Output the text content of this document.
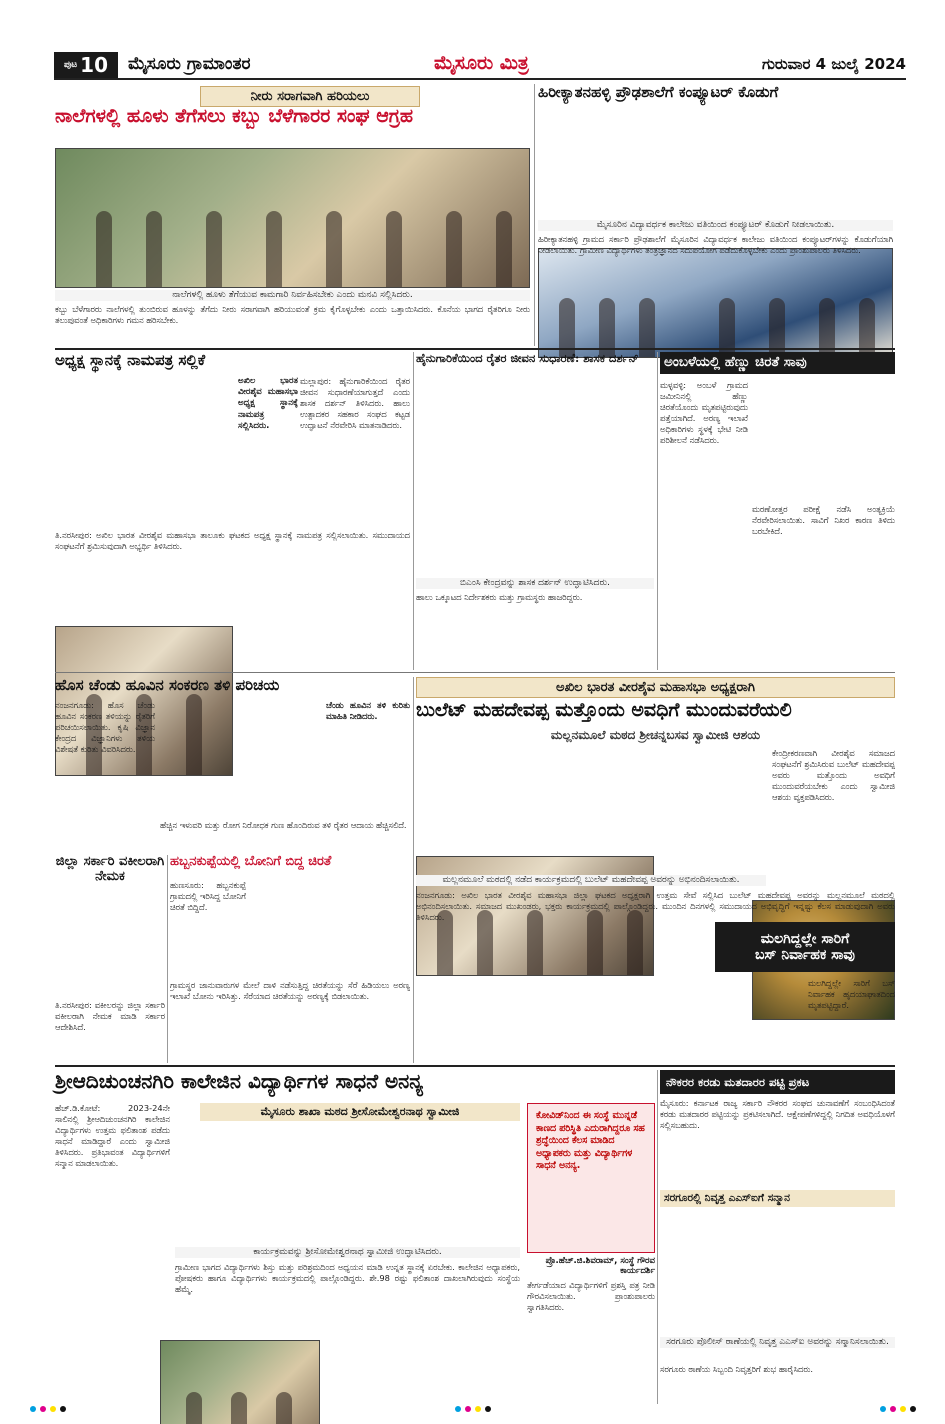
ಪುಟ 10 ಮೈಸೂರು ಗ್ರಾಮಾಂತರ	ಮೈಸೂರು ಮಿತ್ರ	ಗುರುವಾರ 4 ಜುಲೈ 2024
ನೀರು ಸರಾಗವಾಗಿ ಹರಿಯಲು
ನಾಲೆಗಳಲ್ಲಿ ಹೂಳು ತೆಗೆಸಲು ಕಬ್ಬು ಬೆಳೆಗಾರರ ಸಂಘ ಆಗ್ರಹ
ನಾಲೆಗಳಲ್ಲಿ ಹೂಳು ತೆಗೆಯುವ ಕಾಮಗಾರಿ ನಿರ್ವಹಿಸಬೇಕು ಎಂದು ಮನವಿ ಸಲ್ಲಿಸಿದರು.
ಕಬ್ಬು ಬೆಳೆಗಾರರು ನಾಲೆಗಳಲ್ಲಿ ತುಂಬಿರುವ ಹೂಳನ್ನು ತೆಗೆದು ನೀರು ಸರಾಗವಾಗಿ ಹರಿಯುವಂತೆ ಕ್ರಮ ಕೈಗೊಳ್ಳಬೇಕು ಎಂದು ಒತ್ತಾಯಿಸಿದರು. ಕೊನೆಯ ಭಾಗದ ರೈತರಿಗೂ ನೀರು ತಲುಪುವಂತೆ ಅಧಿಕಾರಿಗಳು ಗಮನ ಹರಿಸಬೇಕು.
ಹಿರೀಕ್ಯಾತನಹಳ್ಳಿ ಪ್ರೌಢಶಾಲೆಗೆ ಕಂಪ್ಯೂಟರ್ ಕೊಡುಗೆ
ಮೈಸೂರಿನ ವಿದ್ಯಾವರ್ಧಕ ಕಾಲೇಜು ವತಿಯಿಂದ ಕಂಪ್ಯೂಟರ್ ಕೊಡುಗೆ ನೀಡಲಾಯಿತು.
ಹಿರೀಕ್ಯಾತನಹಳ್ಳಿ ಗ್ರಾಮದ ಸರ್ಕಾರಿ ಪ್ರೌಢಶಾಲೆಗೆ ಮೈಸೂರಿನ ವಿದ್ಯಾವರ್ಧಕ ಕಾಲೇಜು ವತಿಯಿಂದ ಕಂಪ್ಯೂಟರ್‌ಗಳನ್ನು ಕೊಡುಗೆಯಾಗಿ ನೀಡಲಾಯಿತು. ಗ್ರಾಮೀಣ ವಿದ್ಯಾರ್ಥಿಗಳು ತಂತ್ರಜ್ಞಾನದ ಸದುಪಯೋಗ ಪಡೆದುಕೊಳ್ಳಬೇಕು ಎಂದು ಪ್ರಾಂಶುಪಾಲರು ತಿಳಿಸಿದರು.
ಅಧ್ಯಕ್ಷ ಸ್ಥಾನಕ್ಕೆ ನಾಮಪತ್ರ ಸಲ್ಲಿಕೆ
ಅಖಿಲ ಭಾರತ ವೀರಶೈವ ಮಹಾಸಭಾ ಅಧ್ಯಕ್ಷ ಸ್ಥಾನಕ್ಕೆ ನಾಮಪತ್ರ ಸಲ್ಲಿಸಿದರು.
ತಿ.ನರಸೀಪುರ: ಅಖಿಲ ಭಾರತ ವೀರಶೈವ ಮಹಾಸಭಾ ತಾಲೂಕು ಘಟಕದ ಅಧ್ಯಕ್ಷ ಸ್ಥಾನಕ್ಕೆ ನಾಮಪತ್ರ ಸಲ್ಲಿಸಲಾಯಿತು. ಸಮುದಾಯದ ಸಂಘಟನೆಗೆ ಶ್ರಮಿಸುವುದಾಗಿ ಅಭ್ಯರ್ಥಿ ತಿಳಿಸಿದರು.
ಹೈನುಗಾರಿಕೆಯಿಂದ ರೈತರ ಜೀವನ ಸುಧಾರಣೆ: ಶಾಸಕ ದರ್ಶನ್
ಬಿಎಂಸಿ ಕೇಂದ್ರವನ್ನು ಶಾಸಕ ದರ್ಶನ್ ಉದ್ಘಾಟಿಸಿದರು.
ಮಲ್ಲಾಪುರ: ಹೈನುಗಾರಿಕೆಯಿಂದ ರೈತರ ಜೀವನ ಸುಧಾರಣೆಯಾಗುತ್ತದೆ ಎಂದು ಶಾಸಕ ದರ್ಶನ್ ತಿಳಿಸಿದರು. ಹಾಲು ಉತ್ಪಾದಕರ ಸಹಕಾರ ಸಂಘದ ಕಟ್ಟಡ ಉದ್ಘಾಟನೆ ನೆರವೇರಿಸಿ ಮಾತನಾಡಿದರು.
ಹಾಲು ಒಕ್ಕೂಟದ ನಿರ್ದೇಶಕರು ಮತ್ತು ಗ್ರಾಮಸ್ಥರು ಹಾಜರಿದ್ದರು.
ಅಂಬಳೆಯಲ್ಲಿ ಹೆಣ್ಣು ಚಿರತೆ ಸಾವು
ಮಳ್ಳವಳ್ಳಿ: ಅಂಬಳೆ ಗ್ರಾಮದ ಜಮೀನಿನಲ್ಲಿ ಹೆಣ್ಣು ಚಿರತೆಯೊಂದು ಮೃತಪಟ್ಟಿರುವುದು ಪತ್ತೆಯಾಗಿದೆ. ಅರಣ್ಯ ಇಲಾಖೆ ಅಧಿಕಾರಿಗಳು ಸ್ಥಳಕ್ಕೆ ಭೇಟಿ ನೀಡಿ ಪರಿಶೀಲನೆ ನಡೆಸಿದರು.
ಮರಣೋತ್ತರ ಪರೀಕ್ಷೆ ನಡೆಸಿ ಅಂತ್ಯಕ್ರಿಯೆ ನೆರವೇರಿಸಲಾಯಿತು. ಸಾವಿಗೆ ನಿಖರ ಕಾರಣ ತಿಳಿದು ಬರಬೇಕಿದೆ.
ಹೊಸ ಚೆಂಡು ಹೂವಿನ ಸಂಕರಣ ತಳಿ ಪರಿಚಯ
ಚೆಂಡು ಹೂವಿನ ತಳಿ ಕುರಿತು ಮಾಹಿತಿ ನೀಡಿದರು.
ನಂಜನಗೂಡು: ಹೊಸ ಚೆಂಡು ಹೂವಿನ ಸಂಕರಣ ತಳಿಯನ್ನು ರೈತರಿಗೆ ಪರಿಚಯಿಸಲಾಯಿತು. ಕೃಷಿ ವಿಜ್ಞಾನ ಕೇಂದ್ರದ ವಿಜ್ಞಾನಿಗಳು ತಳಿಯ ವಿಶೇಷತೆ ಕುರಿತು ವಿವರಿಸಿದರು.
ಹೆಚ್ಚಿನ ಇಳುವರಿ ಮತ್ತು ರೋಗ ನಿರೋಧಕ ಗುಣ ಹೊಂದಿರುವ ತಳಿ ರೈತರ ಆದಾಯ ಹೆಚ್ಚಿಸಲಿದೆ.
ಅಖಿಲ ಭಾರತ ವೀರಶೈವ ಮಹಾಸಭಾ ಅಧ್ಯಕ್ಷರಾಗಿ
ಬುಲೆಟ್ ಮಹದೇವಪ್ಪ ಮತ್ತೊಂದು ಅವಧಿಗೆ ಮುಂದುವರೆಯಲಿ
ಮಲ್ಲನಮೂಲೆ ಮಠದ ಶ್ರೀಚನ್ನಬಸವ ಸ್ವಾಮೀಜಿ ಆಶಯ
ಮಲ್ಲನಮೂಲೆ ಮಠದಲ್ಲಿ ನಡೆದ ಕಾರ್ಯಕ್ರಮದಲ್ಲಿ ಬುಲೆಟ್ ಮಹದೇವಪ್ಪ ಅವರನ್ನು ಅಭಿನಂದಿಸಲಾಯಿತು.
ಕೇಂದ್ರೀಕರಣವಾಗಿ ವೀರಶೈವ ಸಮಾಜದ ಸಂಘಟನೆಗೆ ಶ್ರಮಿಸಿರುವ ಬುಲೆಟ್ ಮಹದೇವಪ್ಪ ಅವರು ಮತ್ತೊಂದು ಅವಧಿಗೆ ಮುಂದುವರೆಯಬೇಕು ಎಂದು ಸ್ವಾಮೀಜಿ ಆಶಯ ವ್ಯಕ್ತಪಡಿಸಿದರು.
ನಂಜನಗೂಡು: ಅಖಿಲ ಭಾರತ ವೀರಶೈವ ಮಹಾಸಭಾ ಜಿಲ್ಲಾ ಘಟಕದ ಅಧ್ಯಕ್ಷರಾಗಿ ಉತ್ತಮ ಸೇವೆ ಸಲ್ಲಿಸಿದ ಬುಲೆಟ್ ಮಹದೇವಪ್ಪ ಅವರನ್ನು ಮಲ್ಲನಮೂಲೆ ಮಠದಲ್ಲಿ ಅಭಿನಂದಿಸಲಾಯಿತು. ಸಮಾಜದ ಮುಖಂಡರು, ಭಕ್ತರು ಕಾರ್ಯಕ್ರಮದಲ್ಲಿ ಪಾಲ್ಗೊಂಡಿದ್ದರು. ಮುಂದಿನ ದಿನಗಳಲ್ಲಿ ಸಮುದಾಯದ ಅಭಿವೃದ್ಧಿಗೆ ಇನ್ನಷ್ಟು ಕೆಲಸ ಮಾಡುವುದಾಗಿ ಅವರು ತಿಳಿಸಿದರು.
ಜಿಲ್ಲಾ ಸರ್ಕಾರಿ ವಕೀಲರಾಗಿ ನೇಮಕ
ತಿ.ನರಸೀಪುರ: ವಕೀಲರನ್ನು ಜಿಲ್ಲಾ ಸರ್ಕಾರಿ ವಕೀಲರಾಗಿ ನೇಮಕ ಮಾಡಿ ಸರ್ಕಾರ ಆದೇಶಿಸಿದೆ.
ಹಬ್ಬನಕುಪ್ಪೆಯಲ್ಲಿ ಬೋನಿಗೆ ಬಿದ್ದ ಚಿರತೆ
ಹುಣಸೂರು: ಹಬ್ಬನಕುಪ್ಪೆ ಗ್ರಾಮದಲ್ಲಿ ಇರಿಸಿದ್ದ ಬೋನಿಗೆ ಚಿರತೆ ಬಿದ್ದಿದೆ.
ಗ್ರಾಮಸ್ಥರ ಜಾನುವಾರುಗಳ ಮೇಲೆ ದಾಳಿ ನಡೆಸುತ್ತಿದ್ದ ಚಿರತೆಯನ್ನು ಸೆರೆ ಹಿಡಿಯಲು ಅರಣ್ಯ ಇಲಾಖೆ ಬೋನು ಇರಿಸಿತ್ತು. ಸೆರೆಯಾದ ಚಿರತೆಯನ್ನು ಅರಣ್ಯಕ್ಕೆ ಬಿಡಲಾಯಿತು.
ಮಲಗಿದ್ದಲ್ಲೇ ಸಾರಿಗೆ
ಬಸ್ ನಿರ್ವಾಹಕ ಸಾವು
ಮಲಗಿದ್ದಲ್ಲೇ ಸಾರಿಗೆ ಬಸ್ ನಿರ್ವಾಹಕ ಹೃದಯಾಘಾತದಿಂದ ಮೃತಪಟ್ಟಿದ್ದಾರೆ.
ಶ್ರೀಆದಿಚುಂಚನಗಿರಿ ಕಾಲೇಜಿನ ವಿದ್ಯಾರ್ಥಿಗಳ ಸಾಧನೆ ಅನನ್ಯ
ಮೈಸೂರು ಶಾಖಾ ಮಠದ ಶ್ರೀಸೋಮೇಶ್ವರನಾಥ ಸ್ವಾಮೀಜಿ
ಕಾರ್ಯಕ್ರಮವನ್ನು ಶ್ರೀಸೋಮೇಶ್ವರನಾಥ ಸ್ವಾಮೀಜಿ ಉದ್ಘಾಟಿಸಿದರು.
ಹೆಚ್.ಡಿ.ಕೋಟೆ: 2023-24ನೇ ಸಾಲಿನಲ್ಲಿ ಶ್ರೀಆದಿಚುಂಚನಗಿರಿ ಕಾಲೇಜಿನ ವಿದ್ಯಾರ್ಥಿಗಳು ಉತ್ತಮ ಫಲಿತಾಂಶ ಪಡೆದು ಸಾಧನೆ ಮಾಡಿದ್ದಾರೆ ಎಂದು ಸ್ವಾಮೀಜಿ ತಿಳಿಸಿದರು. ಪ್ರತಿಭಾವಂತ ವಿದ್ಯಾರ್ಥಿಗಳಿಗೆ ಸನ್ಮಾನ ಮಾಡಲಾಯಿತು.
ಗ್ರಾಮೀಣ ಭಾಗದ ವಿದ್ಯಾರ್ಥಿಗಳು ಶಿಸ್ತು ಮತ್ತು ಪರಿಶ್ರಮದಿಂದ ಅಧ್ಯಯನ ಮಾಡಿ ಉನ್ನತ ಸ್ಥಾನಕ್ಕೆ ಏರಬೇಕು. ಕಾಲೇಜಿನ ಅಧ್ಯಾಪಕರು, ಪೋಷಕರು ಹಾಗೂ ವಿದ್ಯಾರ್ಥಿಗಳು ಕಾರ್ಯಕ್ರಮದಲ್ಲಿ ಪಾಲ್ಗೊಂಡಿದ್ದರು. ಶೇ.98 ರಷ್ಟು ಫಲಿತಾಂಶ ದಾಖಲಾಗಿರುವುದು ಸಂಸ್ಥೆಯ ಹೆಮ್ಮೆ.
ಕೋವಿಡ್‌ನಿಂದ ಈ ಸಂಸ್ಥೆ ಮುನ್ನಡೆ ಕಾಣದ ಪರಿಸ್ಥಿತಿ ಎದುರಾಗಿದ್ದರೂ ಸಹ ಶ್ರದ್ಧೆಯಿಂದ ಕೆಲಸ ಮಾಡಿದ ಅಧ್ಯಾಪಕರು ಮತ್ತು ವಿದ್ಯಾರ್ಥಿಗಳ ಸಾಧನೆ ಅನನ್ಯ.
ಪ್ರೊ.ಹೆಚ್.ಜಿ.ಶಿವರಾಮ್, ಸಂಸ್ಥೆ ಗೌರವ ಕಾರ್ಯದರ್ಶಿ
ತೇರ್ಗಡೆಯಾದ ವಿದ್ಯಾರ್ಥಿಗಳಿಗೆ ಪ್ರಶಸ್ತಿ ಪತ್ರ ನೀಡಿ ಗೌರವಿಸಲಾಯಿತು. ಪ್ರಾಂಶುಪಾಲರು ಸ್ವಾಗತಿಸಿದರು.
ನೌಕರರ ಕರಡು ಮತದಾರರ ಪಟ್ಟಿ ಪ್ರಕಟ
ಮೈಸೂರು: ಕರ್ನಾಟಕ ರಾಜ್ಯ ಸರ್ಕಾರಿ ನೌಕರರ ಸಂಘದ ಚುನಾವಣೆಗೆ ಸಂಬಂಧಿಸಿದಂತೆ ಕರಡು ಮತದಾರರ ಪಟ್ಟಿಯನ್ನು ಪ್ರಕಟಿಸಲಾಗಿದೆ. ಆಕ್ಷೇಪಣೆಗಳಿದ್ದಲ್ಲಿ ನಿಗದಿತ ಅವಧಿಯೊಳಗೆ ಸಲ್ಲಿಸಬಹುದು.
ಸರಗೂರಲ್ಲಿ ನಿವೃತ್ತ ಎಎಸ್‌ಐಗೆ ಸನ್ಮಾನ
ಸರಗೂರು ಪೊಲೀಸ್ ಠಾಣೆಯಲ್ಲಿ ನಿವೃತ್ತ ಎಎಸ್‌ಐ ಅವರನ್ನು ಸನ್ಮಾನಿಸಲಾಯಿತು.
ಸರಗೂರು ಠಾಣೆಯ ಸಿಬ್ಬಂದಿ ನಿವೃತ್ತರಿಗೆ ಶುಭ ಹಾರೈಸಿದರು.
